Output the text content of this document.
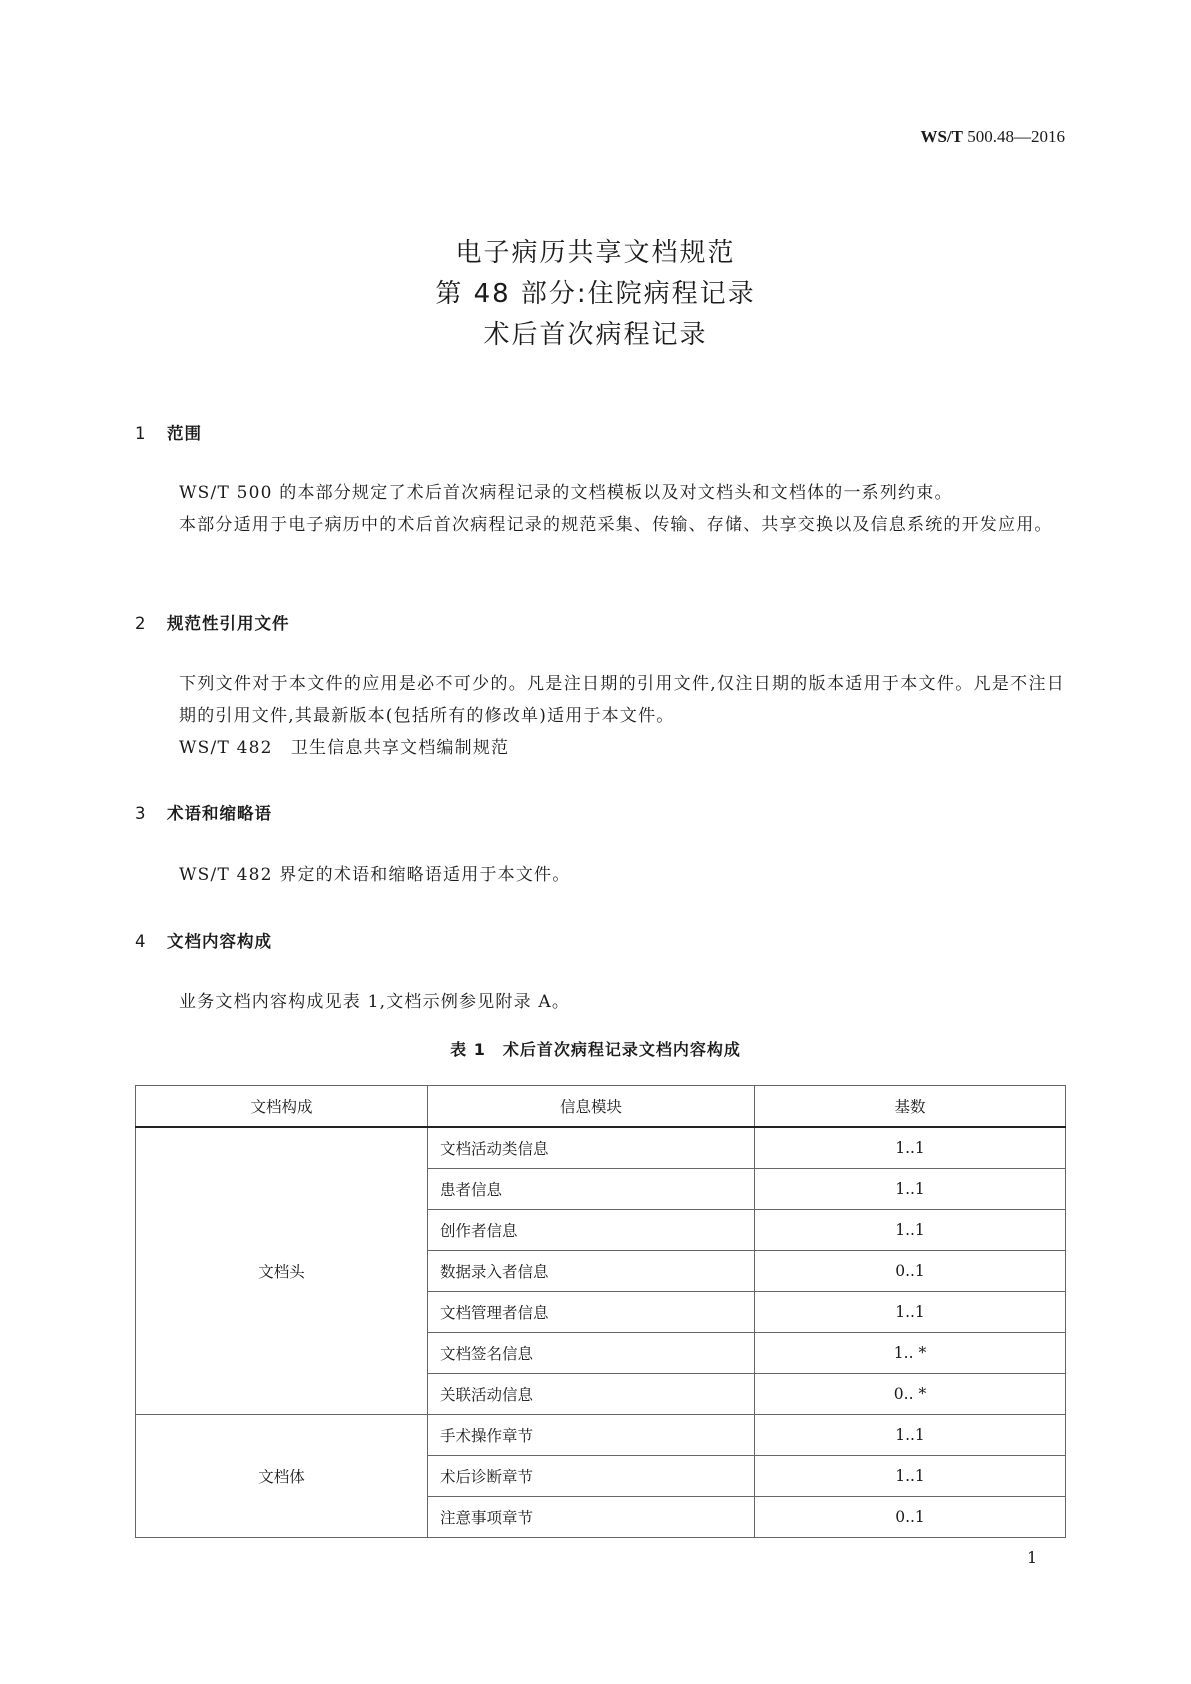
WS/T 500.48—2016
电子病历共享文档规范
第 48 部分:住院病程记录
术后首次病程记录
1 范围
WS/T 500 的本部分规定了术后首次病程记录的文档模板以及对文档头和文档体的一系列约束。
本部分适用于电子病历中的术后首次病程记录的规范采集、传输、存储、共享交换以及信息系统的开发应用。
2 规范性引用文件
下列文件对于本文件的应用是必不可少的。凡是注日期的引用文件,仅注日期的版本适用于本文件。凡是不注日期的引用文件,其最新版本(包括所有的修改单)适用于本文件。
WS/T 482　卫生信息共享文档编制规范
3 术语和缩略语
WS/T 482 界定的术语和缩略语适用于本文件。
4 文档内容构成
业务文档内容构成见表 1,文档示例参见附录 A。
表 1　术后首次病程记录文档内容构成
文档构成	信息模块	基数
文档头	文档活动类信息	1..1
	患者信息	1..1
	创作者信息	1..1
	数据录入者信息	0..1
	文档管理者信息	1..1
	文档签名信息	1.. *
	关联活动信息	0.. *
文档体	手术操作章节	1..1
	术后诊断章节	1..1
	注意事项章节	0..1
1
